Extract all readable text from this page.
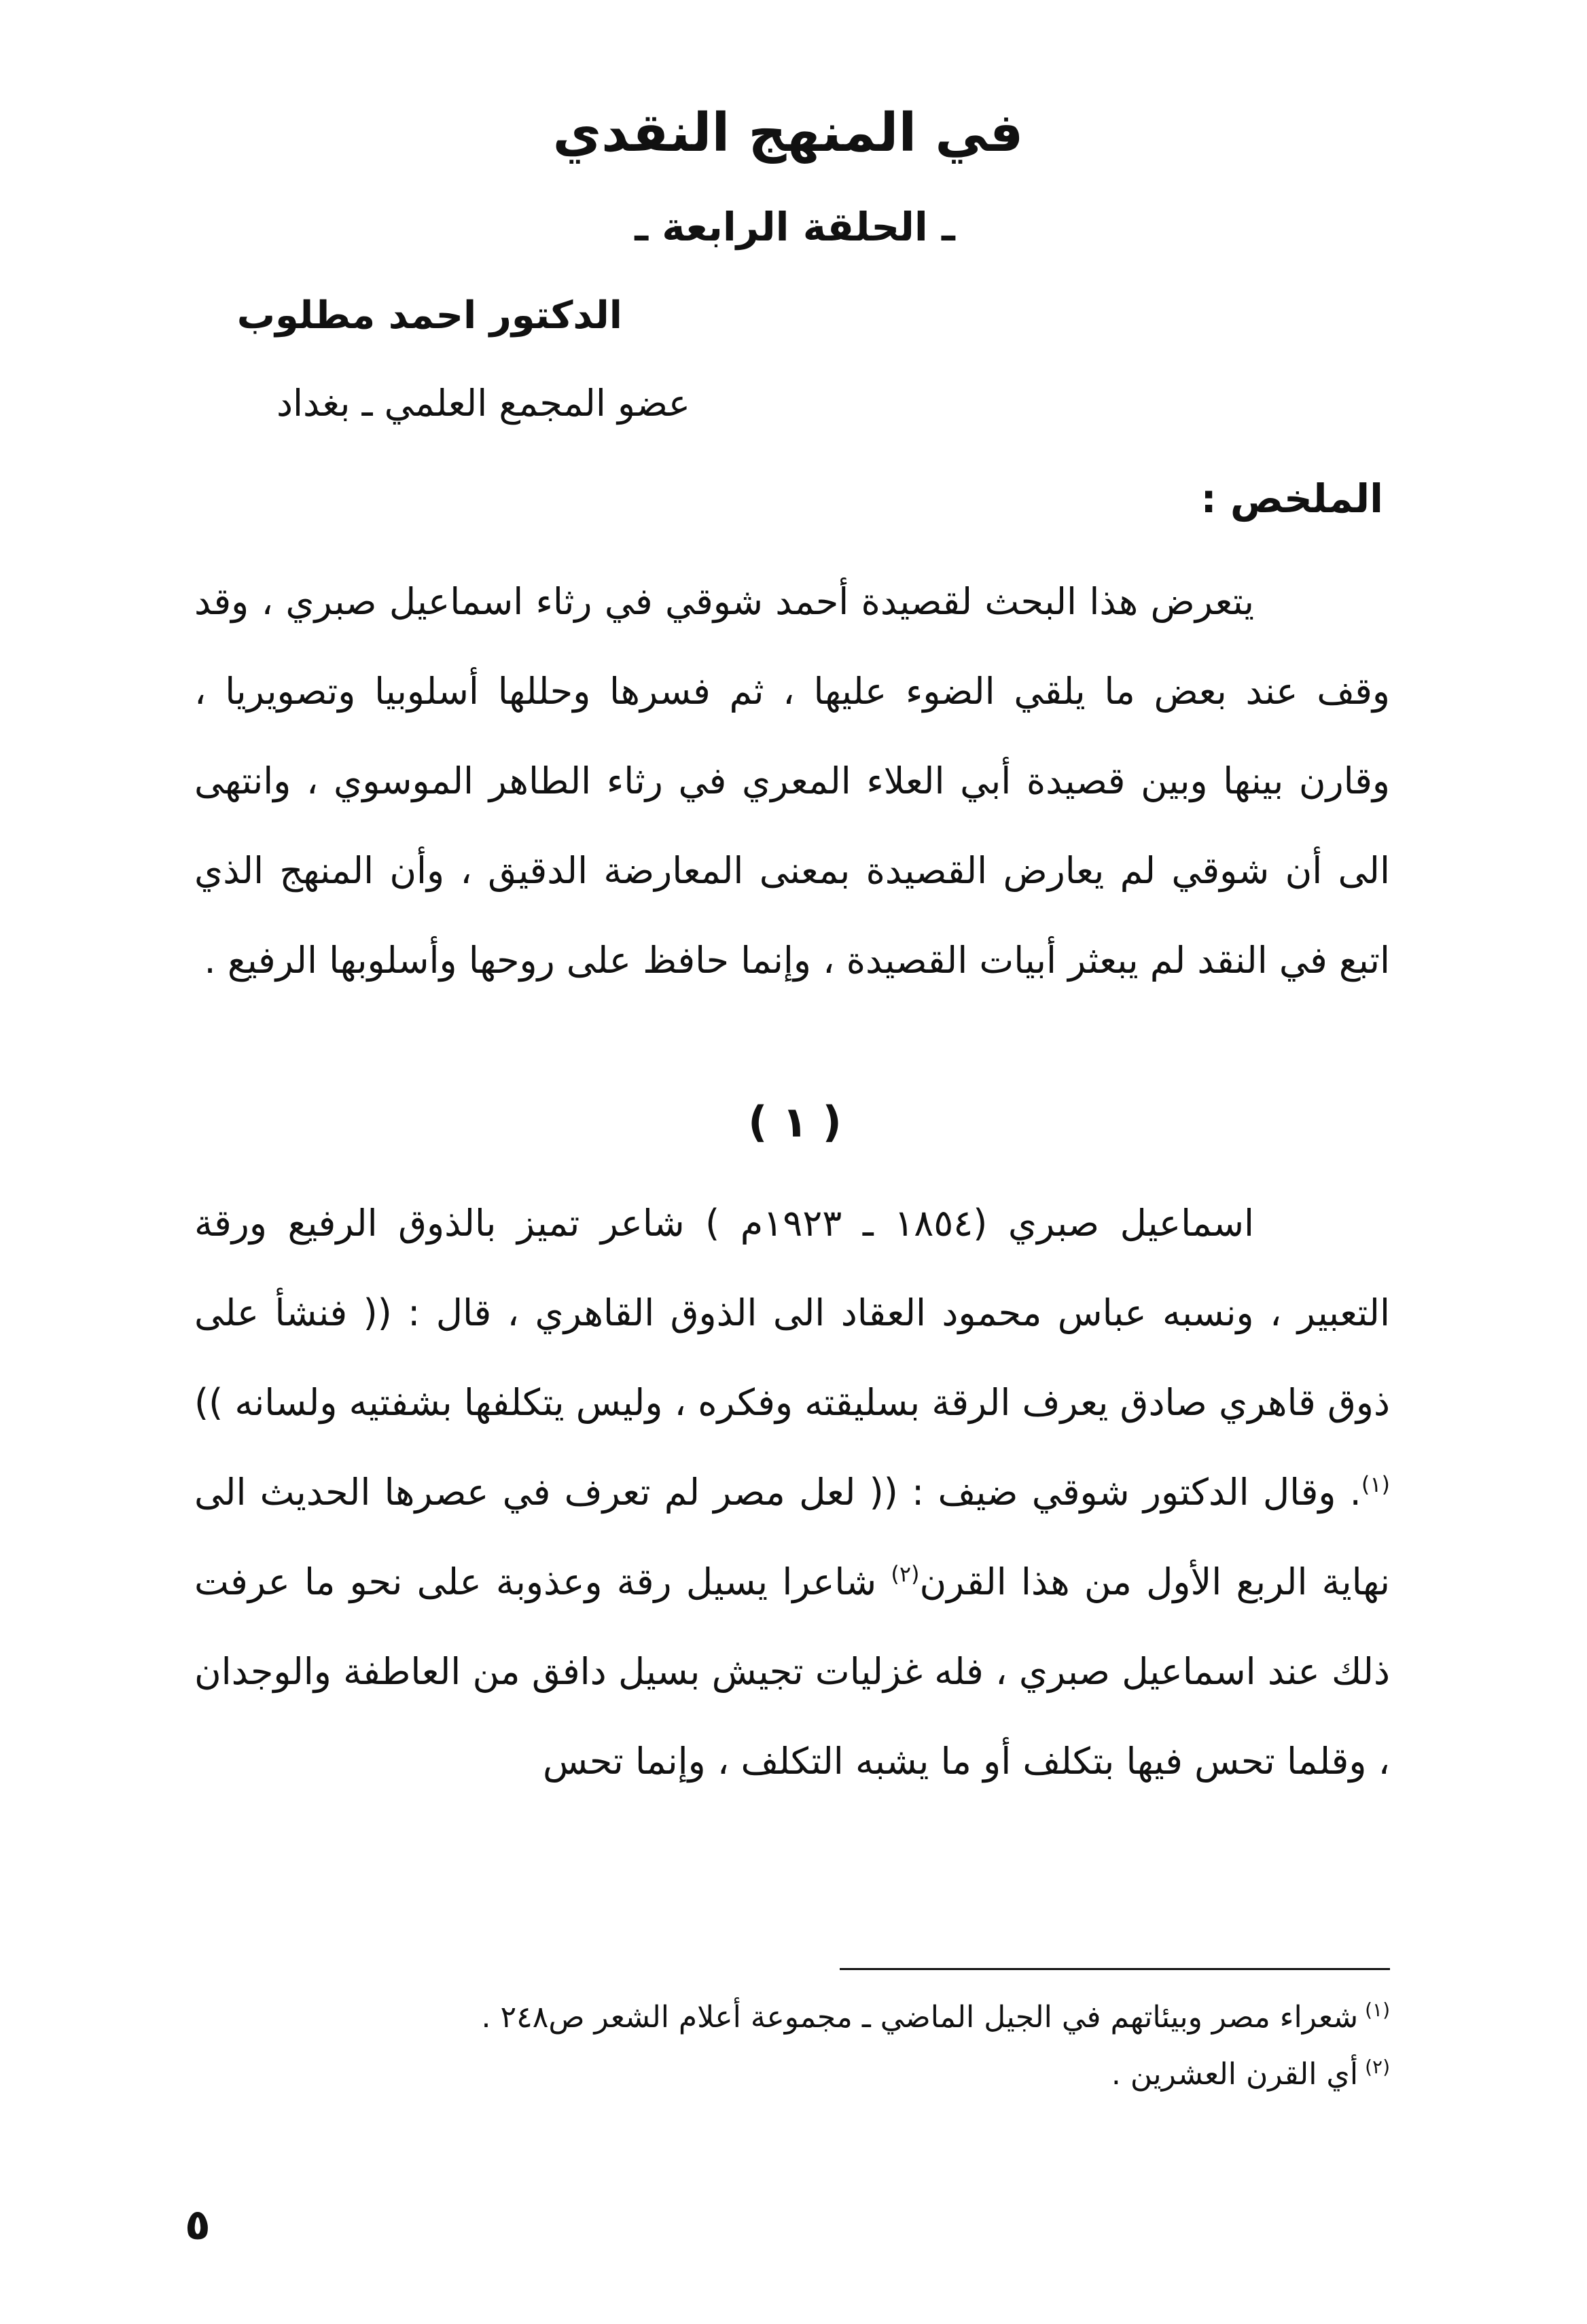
في المنهج النقدي
ـ الحلقة الرابعة ـ
الدكتور احمد مطلوب
عضو المجمع العلمي ـ بغداد
الملخص :

يتعرض هذا البحث لقصيدة أحمد شوقي في رثاء اسماعيل صبري ، وقد وقف عند بعض ما يلقي الضوء عليها ، ثم فسرها وحللها أسلوبيا وتصويريا ، وقارن بينها وبين قصيدة أبي العلاء المعري في رثاء الطاهر الموسوي ، وانتهى الى أن شوقي لم يعارض القصيدة بمعنى المعارضة الدقيق ، وأن المنهج الذي اتبع في النقد لم يبعثر أبيات القصيدة ، وإنما حافظ على روحها وأسلوبها الرفيع .

( ١ )

اسماعيل صبري (١٨٥٤ ـ ١٩٢٣م ) شاعر تميز بالذوق الرفيع ورقة التعبير ، ونسبه عباس محمود العقاد الى الذوق القاهري ، قال : (( فنشأ على ذوق قاهري صادق يعرف الرقة بسليقته وفكره ، وليس يتكلفها بشفتيه ولسانه ))$^{(١)}$. وقال الدكتور شوقي ضيف : (( لعل مصر لم تعرف في عصرها الحديث الى نهاية الربع الأول من هذا القرن$^{(٢)}$ شاعرا يسيل رقة وعذوبة على نحو ما عرفت ذلك عند اسماعيل صبري ، فله غزليات تجيش بسيل دافق من العاطفة والوجدان ، وقلما تحس فيها بتكلف أو ما يشبه التكلف ، وإنما تحس

$^{(١)}$شعراء مصر وبيئاتهم في الجيل الماضي ـ مجموعة أعلام الشعر ص٢٤٨ .
$^{(٢)}$أي القرن العشرين .
٥
